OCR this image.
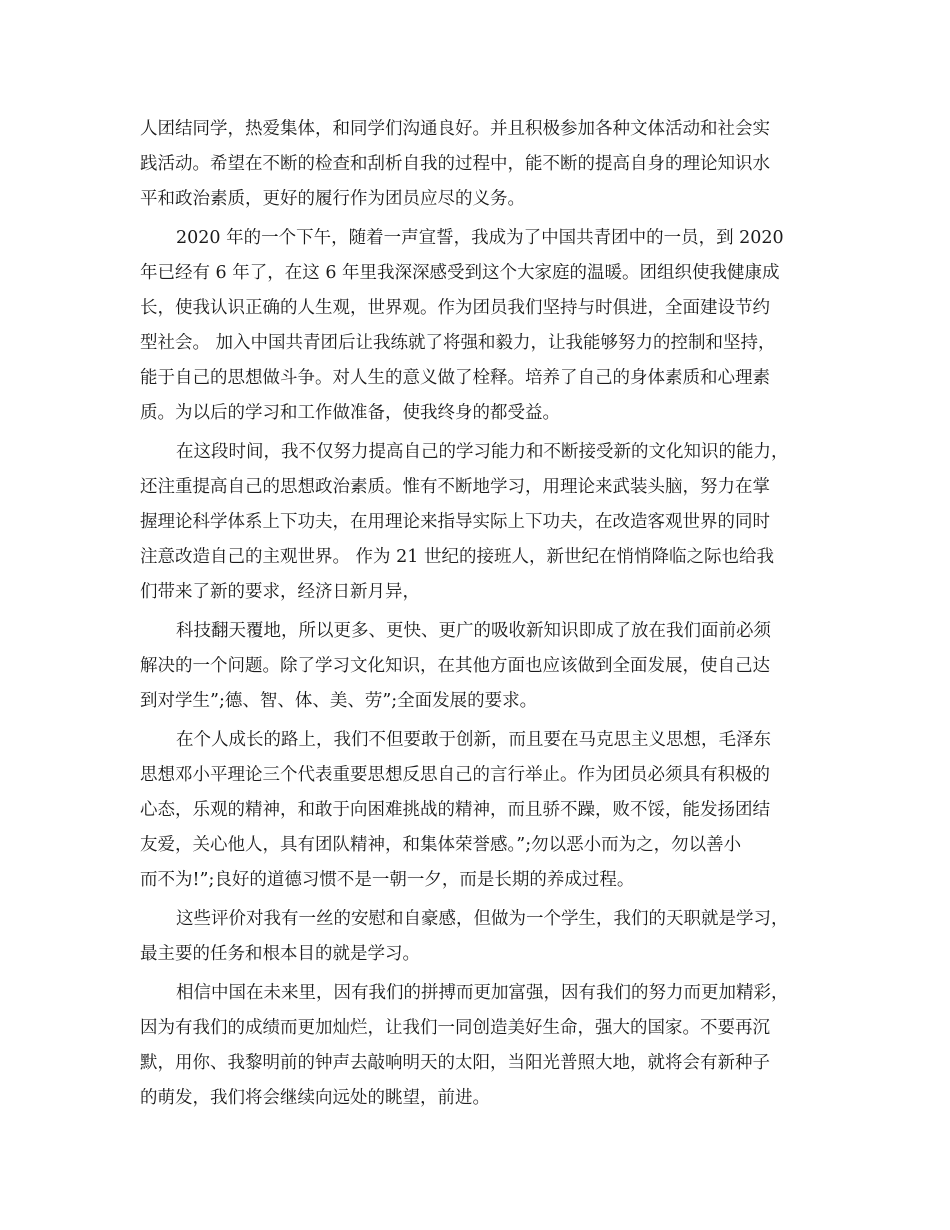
人团结同学，热爱集体，和同学们沟通良好。并且积极参加各种文体活动和社会实
践活动。希望在不断的检查和刮析自我的过程中，能不断的提高自身的理论知识水
平和政治素质，更好的履行作为团员应尽的义务。
2020 年的一个下午，随着一声宣誓，我成为了中国共青团中的一员，到 2020
年已经有 6 年了，在这 6 年里我深深感受到这个大家庭的温暖。团组织使我健康成
长，使我认识正确的人生观，世界观。作为团员我们坚持与时俱进，全面建设节约
型社会。 加入中国共青团后让我练就了将强和毅力，让我能够努力的控制和坚持，
能于自己的思想做斗争。对人生的意义做了栓释。培养了自己的身体素质和心理素
质。为以后的学习和工作做准备，使我终身的都受益。
在这段时间，我不仅努力提高自己的学习能力和不断接受新的文化知识的能力，
还注重提高自己的思想政治素质。惟有不断地学习，用理论来武装头脑，努力在掌
握理论科学体系上下功夫，在用理论来指导实际上下功夫，在改造客观世界的同时
注意改造自己的主观世界。 作为 21 世纪的接班人，新世纪在悄悄降临之际也给我
们带来了新的要求，经济日新月异，
科技翻天覆地，所以更多、更快、更广的吸收新知识即成了放在我们面前必须
解决的一个问题。除了学习文化知识，在其他方面也应该做到全面发展，使自己达
到对学生”;德、智、体、美、劳”;全面发展的要求。
在个人成长的路上，我们不但要敢于创新，而且要在马克思主义思想，毛泽东
思想邓小平理论三个代表重要思想反思自己的言行举止。作为团员必须具有积极的
心态，乐观的精神，和敢于向困难挑战的精神，而且骄不躁，败不馁，能发扬团结
友爱，关心他人，具有团队精神，和集体荣誉感。”;勿以恶小而为之，勿以善小
而不为!”;良好的道德习惯不是一朝一夕，而是长期的养成过程。
这些评价对我有一丝的安慰和自豪感，但做为一个学生，我们的天职就是学习，
最主要的任务和根本目的就是学习。
相信中国在未来里，因有我们的拼搏而更加富强，因有我们的努力而更加精彩，
因为有我们的成绩而更加灿烂，让我们一同创造美好生命，强大的国家。不要再沉
默，用你、我黎明前的钟声去敲响明天的太阳，当阳光普照大地，就将会有新种子
的萌发，我们将会继续向远处的眺望，前进。
